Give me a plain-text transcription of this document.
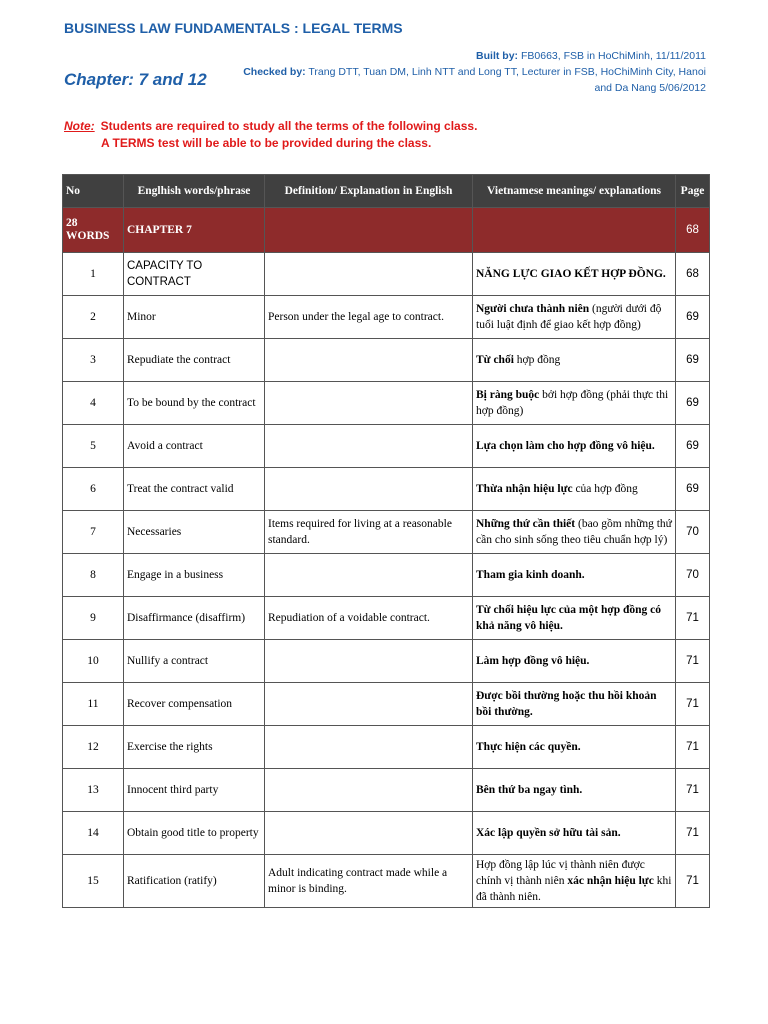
BUSINESS LAW FUNDAMENTALS : LEGAL TERMS
Built by: FB0663, FSB in HoChiMinh, 11/11/2011
Checked by: Trang DTT, Tuan DM, Linh NTT and Long TT, Lecturer in FSB, HoChiMinh City, Hanoi and Da Nang 5/06/2012
Chapter: 7 and 12
Note: Students are required to study all the terms of the following class.
A TERMS test will be able to be provided during the class.
No	Englhish words/phrase	Definition/ Explanation in English	Vietnamese meanings/ explanations	Page
28 WORDS	CHAPTER 7			68
1	CAPACITY TO CONTRACT		NĂNG LỰC GIAO KẾT HỢP ĐỒNG.	68
2	Minor	Person under the legal age to contract.	Người chưa thành niên (người dưới độ tuổi luật định để giao kết hợp đồng)	69
3	Repudiate the contract		Từ chối hợp đồng	69
4	To be bound by the contract		Bị ràng buộc bởi hợp đồng (phải thực thi hợp đồng)	69
5	Avoid a contract		Lựa chọn làm cho hợp đồng vô hiệu.	69
6	Treat the contract valid		Thừa nhận hiệu lực của hợp đồng	69
7	Necessaries	Items required for living at a reasonable standard.	Những thứ cần thiết (bao gồm những thứ cần cho sinh sống theo tiêu chuẩn hợp lý)	70
8	Engage in a business		Tham gia kinh doanh.	70
9	Disaffirmance (disaffirm)	Repudiation of a voidable contract.	Từ chối hiệu lực của một hợp đồng có khả năng vô hiệu.	71
10	Nullify a contract		Làm hợp đồng vô hiệu.	71
11	Recover compensation		Được bồi thường hoặc thu hồi khoản bồi thường.	71
12	Exercise the rights		Thực hiện các quyền.	71
13	Innocent third party		Bên thứ ba ngay tình.	71
14	Obtain good title to property		Xác lập quyền sở hữu tài sản.	71
15	Ratification (ratify)	Adult indicating contract made while a minor is binding.	Hợp đồng lập lúc vị thành niên được chính vị thành niên xác nhận hiệu lực khi đã thành niên.	71
